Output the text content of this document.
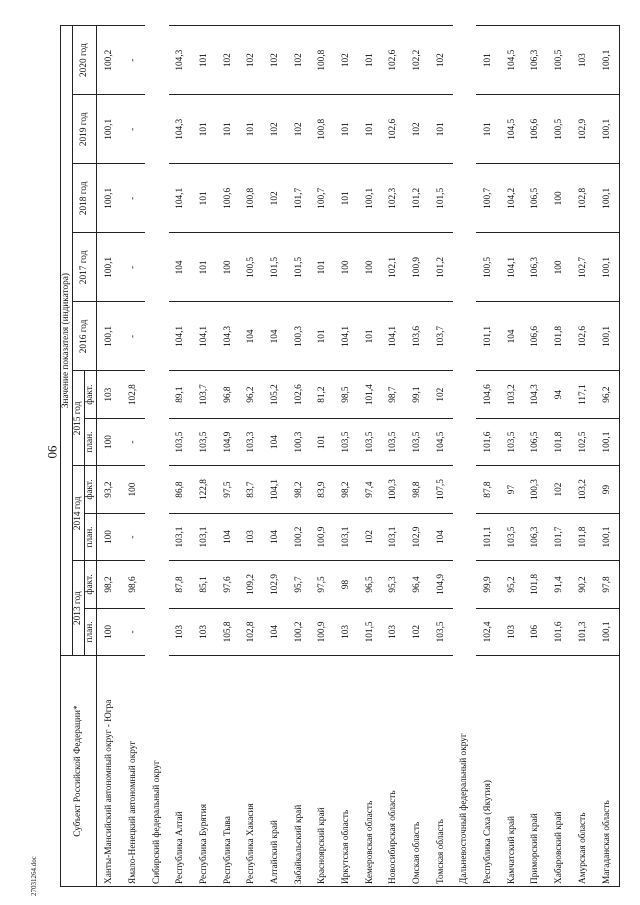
90
Субъект Российской Федерации*	Значение показателя (индикатора)										
	2013 год		2014 год		2015 год		2016 год	2017 год	2018 год	2019 год	2020 год
	план.	факт.	план.	факт.	план.	факт.					
Ханты-Мансийский автономный округ - Югра	100	98,2	100	93,2	100	103	100,1	100,1	100,1	100,1	100,2
Ямало-Ненецкий автономный округ	-	98,6	-	100	-	102,8	-	-	-	-	-
Сибирский федеральный округ											
Республика Алтай	103	87,8	103,1	86,8	103,5	89,1	104,1	104	104,1	104,3	104,3
Республика Бурятия	103	85,1	103,1	122,8	103,5	103,7	104,1	101	101	101	101
Республика Тыва	105,8	97,6	104	97,5	104,9	96,8	104,3	100	100,6	101	102
Республика Хакасия	102,8	109,2	103	83,7	103,3	96,2	104	100,5	100,8	101	102
Алтайский край	104	102,9	104	104,1	104	105,2	104	101,5	102	102	102
Забайкальский край	100,2	95,7	100,2	98,2	100,3	102,6	100,3	101,5	101,7	102	102
Красноярский край	100,9	97,5	100,9	83,9	101	81,2	101	101	100,7	100,8	100,8
Иркутская область	103	98	103,1	98,2	103,5	98,5	104,1	100	101	101	102
Кемеровская область	101,5	96,5	102	97,4	103,5	101,4	101	100	100,1	101	101
Новосибирская область	103	95,3	103,1	100,3	103,5	98,7	104,1	102,1	102,3	102,6	102,6
Омская область	102	96,4	102,9	98,8	103,5	99,1	103,6	100,9	101,2	102	102,2
Томская область	103,5	104,9	104	107,5	104,5	102	103,7	101,2	101,5	101	102
Дальневосточный федеральный округ											
Республика Саха (Якутия)	102,4	99,9	101,1	87,8	101,6	104,6	101,1	100,5	100,7	101	101
Камчатский край	103	95,2	103,5	97	103,5	103,2	104	104,1	104,2	104,5	104,5
Приморский край	106	101,8	106,3	100,3	106,5	104,3	106,6	106,3	106,5	106,6	106,3
Хабаровский край	101,6	91,4	101,7	102	101,8	94	101,8	100	100	100,5	100,5
Амурская область	101,3	90,2	101,8	103,2	102,5	117,1	102,6	102,7	102,8	102,9	103
Магаданская область	100,1	97,8	100,1	99	100,1	96,2	100,1	100,1	100,1	100,1	100,1
27031264.doc
